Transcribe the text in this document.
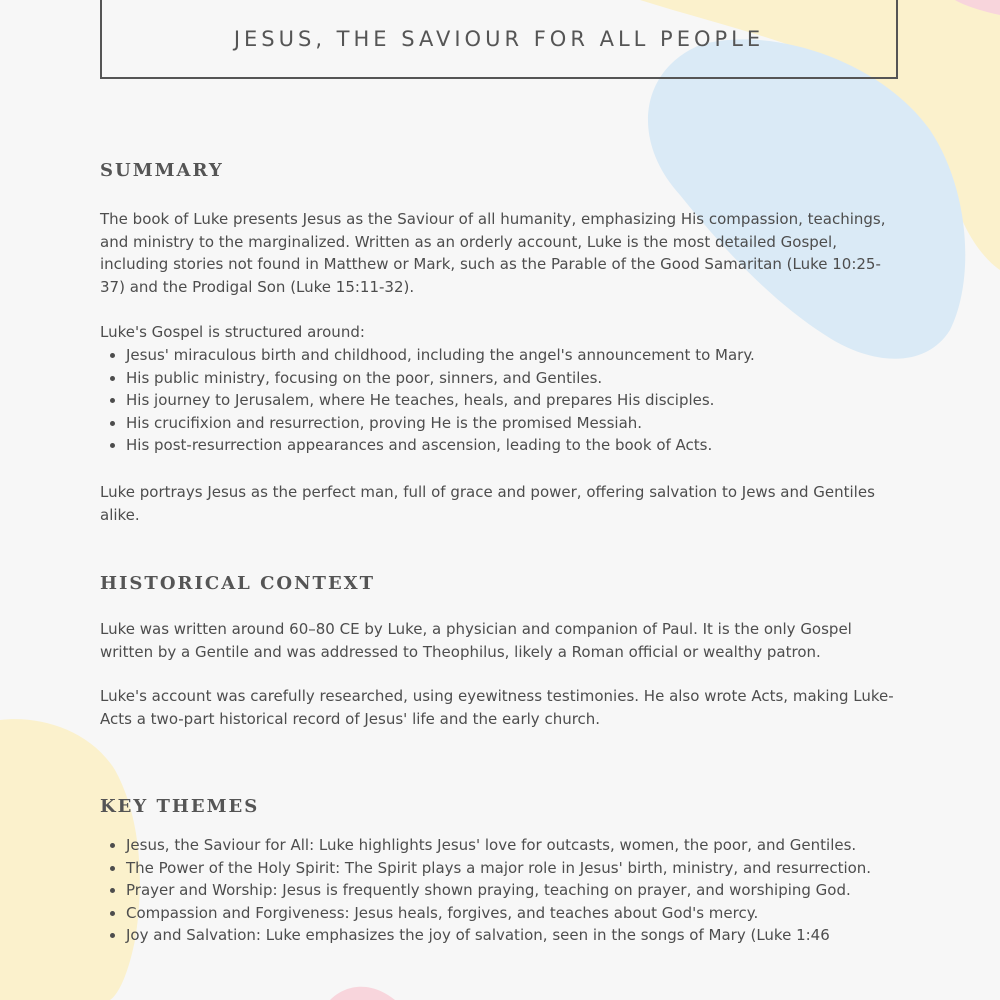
JESUS, THE SAVIOUR FOR ALL PEOPLE
SUMMARY

The book of Luke presents Jesus as the Saviour of all humanity, emphasizing His compassion, teachings, and ministry to the marginalized. Written as an orderly account, Luke is the most detailed Gospel, including stories not found in Matthew or Mark, such as the Parable of the Good Samaritan (Luke 10:25-37) and the Prodigal Son (Luke 15:11-32).

Luke's Gospel is structured around:

• Jesus' miraculous birth and childhood, including the angel's announcement to Mary.
• His public ministry, focusing on the poor, sinners, and Gentiles.
• His journey to Jerusalem, where He teaches, heals, and prepares His disciples.
• His crucifixion and resurrection, proving He is the promised Messiah.
• His post-resurrection appearances and ascension, leading to the book of Acts.

Luke portrays Jesus as the perfect man, full of grace and power, offering salvation to Jews and Gentiles alike.

HISTORICAL CONTEXT

Luke was written around 60–80 CE by Luke, a physician and companion of Paul. It is the only Gospel written by a Gentile and was addressed to Theophilus, likely a Roman official or wealthy patron.

Luke's account was carefully researched, using eyewitness testimonies. He also wrote Acts, making Luke-Acts a two-part historical record of Jesus' life and the early church.

KEY THEMES
• Jesus, the Saviour for All: Luke highlights Jesus' love for outcasts, women, the poor, and Gentiles.
• The Power of the Holy Spirit: The Spirit plays a major role in Jesus' birth, ministry, and resurrection.
• Prayer and Worship: Jesus is frequently shown praying, teaching on prayer, and worshiping God.
• Compassion and Forgiveness: Jesus heals, forgives, and teaches about God's mercy.
• Joy and Salvation: Luke emphasizes the joy of salvation, seen in the songs of Mary (Luke 1:46
